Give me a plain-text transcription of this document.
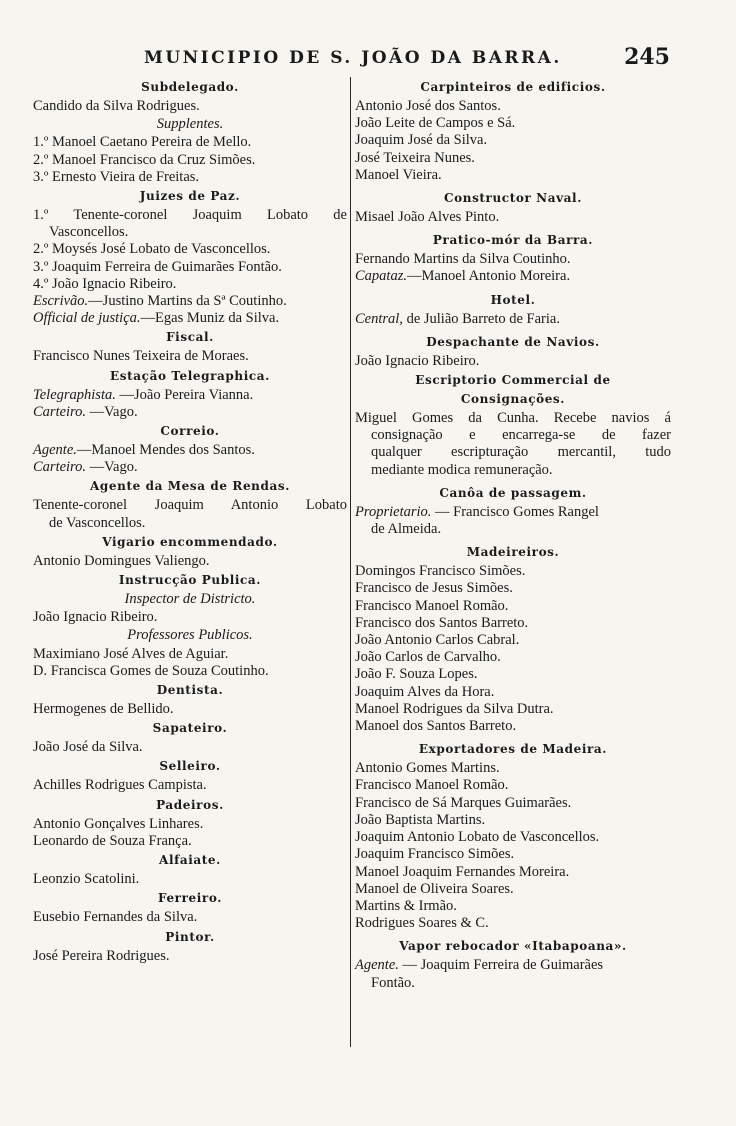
MUNICIPIO DE S. JOÃO DA BARRA.	245
Subdelegado.
Candido da Silva Rodrigues.
Supplentes.
1.º Manoel Caetano Pereira de Mello.
2.º Manoel Francisco da Cruz Simões.
3.º Ernesto Vieira de Freitas.
Juizes de Paz.
1.º Tenente-coronel Joaquim Lobato de
Vasconcellos.
2.º Moysés José Lobato de Vasconcellos.
3.º Joaquim Ferreira de Guimarães Fontão.
4.º João Ignacio Ribeiro.
Escrivão.—Justino Martins da Sª Coutinho.
Official de justiça.—Egas Muniz da Silva.
Fiscal.
Francisco Nunes Teixeira de Moraes.
Estação Telegraphica.
Telegraphista. —João Pereira Vianna.
Carteiro. —Vago.
Correio.
Agente.—Manoel Mendes dos Santos.
Carteiro. —Vago.
Agente da Mesa de Rendas.
Tenente-coronel Joaquim Antonio Lobato
de Vasconcellos.
Vigario encommendado.
Antonio Domingues Valiengo.
Instrucção Publica.
Inspector de Districto.
João Ignacio Ribeiro.
Professores Publicos.
Maximiano José Alves de Aguiar.
D. Francisca Gomes de Souza Coutinho.
Dentista.
Hermogenes de Bellido.
Sapateiro.
João José da Silva.
Selleiro.
Achilles Rodrigues Campista.
Padeiros.
Antonio Gonçalves Linhares.
Leonardo de Souza França.
Alfaiate.
Leonzio Scatolini.
Ferreiro.
Eusebio Fernandes da Silva.
Pintor.
José Pereira Rodrigues.
Carpinteiros de edificios.
Antonio José dos Santos.
João Leite de Campos e Sá.
Joaquim José da Silva.
José Teixeira Nunes.
Manoel Vieira.
Constructor Naval.
Misael João Alves Pinto.
Pratico-mór da Barra.
Fernando Martins da Silva Coutinho.
Capataz.—Manoel Antonio Moreira.
Hotel.
Central, de Julião Barreto de Faria.
Despachante de Navios.
João Ignacio Ribeiro.
Escriptorio Commercial de
Consignações.
Miguel Gomes da Cunha. Recebe navios á
consignação e encarrega-se de fazer
qualquer escripturação mercantil, tudo
mediante modica remuneração.
Canôa de passagem.
Proprietario. — Francisco Gomes Rangel
de Almeida.
Madeireiros.
Domingos Francisco Simões.
Francisco de Jesus Simões.
Francisco Manoel Romão.
Francisco dos Santos Barreto.
João Antonio Carlos Cabral.
João Carlos de Carvalho.
João F. Souza Lopes.
Joaquim Alves da Hora.
Manoel Rodrigues da Silva Dutra.
Manoel dos Santos Barreto.
Exportadores de Madeira.
Antonio Gomes Martins.
Francisco Manoel Romão.
Francisco de Sá Marques Guimarães.
João Baptista Martins.
Joaquim Antonio Lobato de Vasconcellos.
Joaquim Francisco Simões.
Manoel Joaquim Fernandes Moreira.
Manoel de Oliveira Soares.
Martins & Irmão.
Rodrigues Soares & C.
Vapor rebocador «Itabapoana».
Agente. — Joaquim Ferreira de Guimarães
Fontão.
